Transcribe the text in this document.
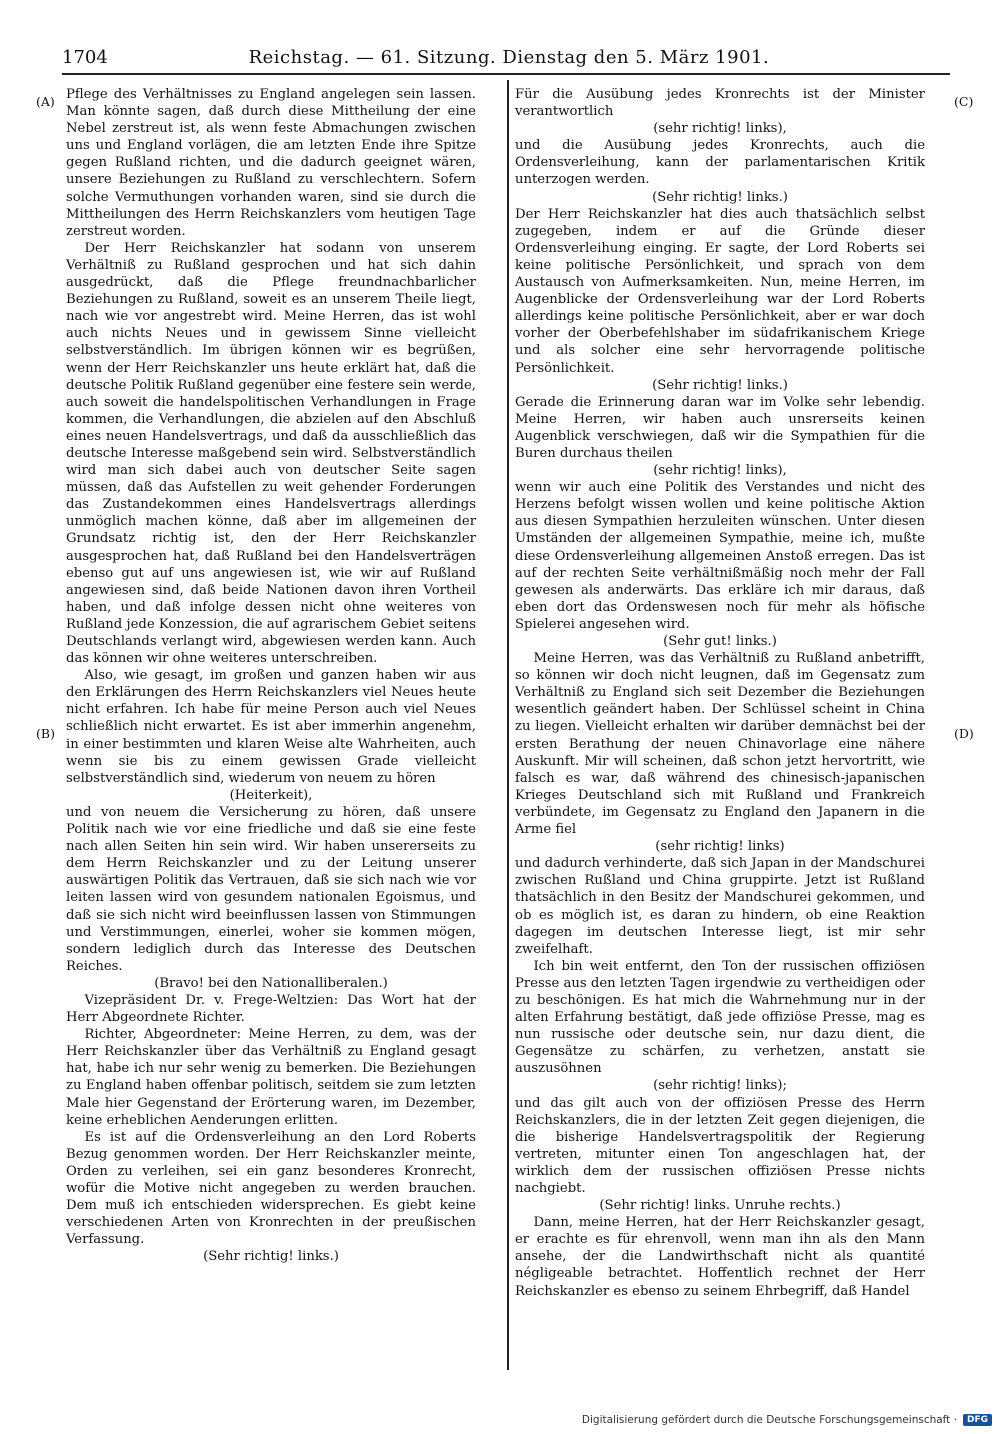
1704	Reichstag. — 61. Sitzung. Dienstag den 5. März 1901.
(A)
(B)
(C)
(D)

Pflege des Verhältnisses zu England angelegen sein lassen. Man könnte sagen, daß durch diese Mittheilung der eine Nebel zerstreut ist, als wenn feste Abmachungen zwischen uns und England vorlägen, die am letzten Ende ihre Spitze gegen Rußland richten, und die dadurch geeignet wären, unsere Beziehungen zu Rußland zu verschlechtern. Sofern solche Vermuthungen vorhanden waren, sind sie durch die Mittheilungen des Herrn Reichskanzlers vom heutigen Tage zerstreut worden.

Der Herr Reichskanzler hat sodann von unserem Verhältniß zu Rußland gesprochen und hat sich dahin ausgedrückt, daß die Pflege freundnachbarlicher Beziehungen zu Rußland, soweit es an unserem Theile liegt, nach wie vor angestrebt wird. Meine Herren, das ist wohl auch nichts Neues und in gewissem Sinne vielleicht selbstverständlich. Im übrigen können wir es begrüßen, wenn der Herr Reichskanzler uns heute erklärt hat, daß die deutsche Politik Rußland gegenüber eine festere sein werde, auch soweit die handelspolitischen Verhandlungen in Frage kommen, die Verhandlungen, die abzielen auf den Abschluß eines neuen Handelsvertrags, und daß da ausschließlich das deutsche Interesse maßgebend sein wird. Selbstverständlich wird man sich dabei auch von deutscher Seite sagen müssen, daß das Aufstellen zu weit gehender Forderungen das Zustandekommen eines Handelsvertrags allerdings unmöglich machen könne, daß aber im allgemeinen der Grundsatz richtig ist, den der Herr Reichskanzler ausgesprochen hat, daß Rußland bei den Handelsverträgen ebenso gut auf uns angewiesen ist, wie wir auf Rußland angewiesen sind, daß beide Nationen davon ihren Vortheil haben, und daß infolge dessen nicht ohne weiteres von Rußland jede Konzession, die auf agrarischem Gebiet seitens Deutschlands verlangt wird, abgewiesen werden kann. Auch das können wir ohne weiteres unterschreiben.

Also, wie gesagt, im großen und ganzen haben wir aus den Erklärungen des Herrn Reichskanzlers viel Neues heute nicht erfahren. Ich habe für meine Person auch viel Neues schließlich nicht erwartet. Es ist aber immerhin angenehm, in einer bestimmten und klaren Weise alte Wahrheiten, auch wenn sie bis zu einem gewissen Grade vielleicht selbstverständlich sind, wiederum von neuem zu hören

(Heiterkeit),

und von neuem die Versicherung zu hören, daß unsere Politik nach wie vor eine friedliche und daß sie eine feste nach allen Seiten hin sein wird. Wir haben unsererseits zu dem Herrn Reichskanzler und zu der Leitung unserer auswärtigen Politik das Vertrauen, daß sie sich nach wie vor leiten lassen wird von gesundem nationalen Egoismus, und daß sie sich nicht wird beeinflussen lassen von Stimmungen und Verstimmungen, einerlei, woher sie kommen mögen, sondern lediglich durch das Interesse des Deutschen Reiches.

(Bravo! bei den Nationalliberalen.)

Vizepräsident Dr. v. Frege-Weltzien: Das Wort hat der Herr Abgeordnete Richter.

Richter, Abgeordneter: Meine Herren, zu dem, was der Herr Reichskanzler über das Verhältniß zu England gesagt hat, habe ich nur sehr wenig zu bemerken. Die Beziehungen zu England haben offenbar politisch, seitdem sie zum letzten Male hier Gegenstand der Erörterung waren, im Dezember, keine erheblichen Aenderungen erlitten.

Es ist auf die Ordensverleihung an den Lord Roberts Bezug genommen worden. Der Herr Reichskanzler meinte, Orden zu verleihen, sei ein ganz besonderes Kronrecht, wofür die Motive nicht angegeben zu werden brauchen. Dem muß ich entschieden widersprechen. Es giebt keine verschiedenen Arten von Kronrechten in der preußischen Verfassung.

(Sehr richtig! links.)

Für die Ausübung jedes Kronrechts ist der Minister verantwortlich

(sehr richtig! links),

und die Ausübung jedes Kronrechts, auch die Ordensverleihung, kann der parlamentarischen Kritik unterzogen werden.

(Sehr richtig! links.)

Der Herr Reichskanzler hat dies auch thatsächlich selbst zugegeben, indem er auf die Gründe dieser Ordensverleihung einging. Er sagte, der Lord Roberts sei keine politische Persönlichkeit, und sprach von dem Austausch von Aufmerksamkeiten. Nun, meine Herren, im Augenblicke der Ordensverleihung war der Lord Roberts allerdings keine politische Persönlichkeit, aber er war doch vorher der Oberbefehlshaber im südafrikanischem Kriege und als solcher eine sehr hervorragende politische Persönlichkeit.

(Sehr richtig! links.)

Gerade die Erinnerung daran war im Volke sehr lebendig. Meine Herren, wir haben auch unsrerseits keinen Augenblick verschwiegen, daß wir die Sympathien für die Buren durchaus theilen

(sehr richtig! links),

wenn wir auch eine Politik des Verstandes und nicht des Herzens befolgt wissen wollen und keine politische Aktion aus diesen Sympathien herzuleiten wünschen. Unter diesen Umständen der allgemeinen Sympathie, meine ich, mußte diese Ordensverleihung allgemeinen Anstoß erregen. Das ist auf der rechten Seite verhältnißmäßig noch mehr der Fall gewesen als anderwärts. Das erkläre ich mir daraus, daß eben dort das Ordenswesen noch für mehr als höfische Spielerei angesehen wird.

(Sehr gut! links.)

Meine Herren, was das Verhältniß zu Rußland anbetrifft, so können wir doch nicht leugnen, daß im Gegensatz zum Verhältniß zu England sich seit Dezember die Beziehungen wesentlich geändert haben. Der Schlüssel scheint in China zu liegen. Vielleicht erhalten wir darüber demnächst bei der ersten Berathung der neuen Chinavorlage eine nähere Auskunft. Mir will scheinen, daß schon jetzt hervortritt, wie falsch es war, daß während des chinesisch-japanischen Krieges Deutschland sich mit Rußland und Frankreich verbündete, im Gegensatz zu England den Japanern in die Arme fiel

(sehr richtig! links)

und dadurch verhinderte, daß sich Japan in der Mandschurei zwischen Rußland und China gruppirte. Jetzt ist Rußland thatsächlich in den Besitz der Mandschurei gekommen, und ob es möglich ist, es daran zu hindern, ob eine Reaktion dagegen im deutschen Interesse liegt, ist mir sehr zweifelhaft.

Ich bin weit entfernt, den Ton der russischen offiziösen Presse aus den letzten Tagen irgendwie zu vertheidigen oder zu beschönigen. Es hat mich die Wahrnehmung nur in der alten Erfahrung bestätigt, daß jede offiziöse Presse, mag es nun russische oder deutsche sein, nur dazu dient, die Gegensätze zu schärfen, zu verhetzen, anstatt sie auszusöhnen

(sehr richtig! links);

und das gilt auch von der offiziösen Presse des Herrn Reichskanzlers, die in der letzten Zeit gegen diejenigen, die die bisherige Handelsvertragspolitik der Regierung vertreten, mitunter einen Ton angeschlagen hat, der wirklich dem der russischen offiziösen Presse nichts nachgiebt.

(Sehr richtig! links. Unruhe rechts.)

Dann, meine Herren, hat der Herr Reichskanzler gesagt, er erachte es für ehrenvoll, wenn man ihn als den Mann ansehe, der die Landwirthschaft nicht als quantité négligeable betrachtet. Hoffentlich rechnet der Herr Reichskanzler es ebenso zu seinem Ehrbegriff, daß Handel

Digitalisierung gefördert durch die Deutsche Forschungsgemeinschaft ·	DFG
